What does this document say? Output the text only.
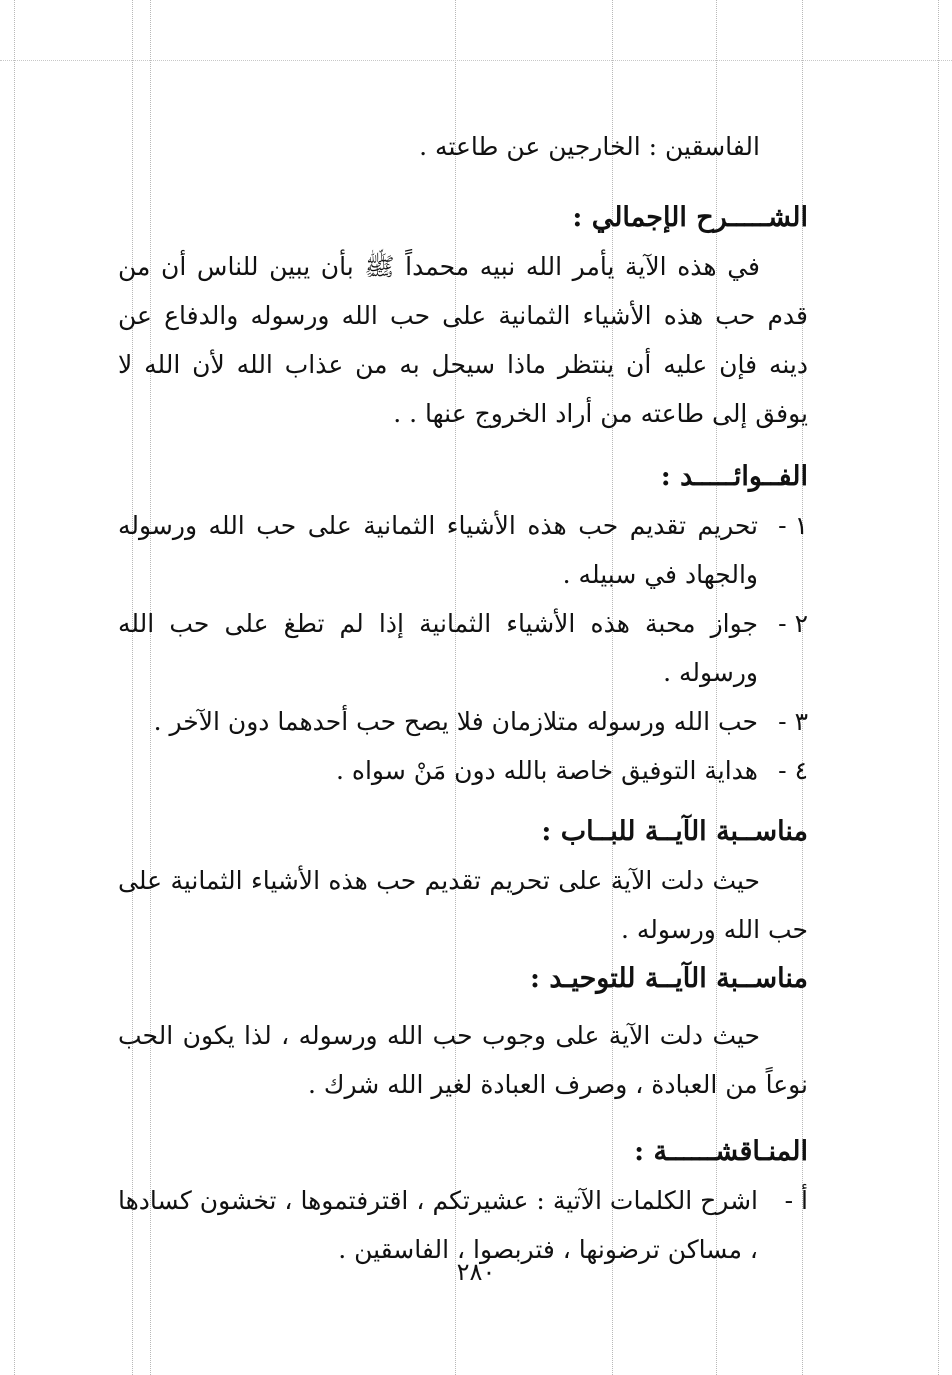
الفاسقين : الخارجين عن طاعته .
الشـــــرح الإجمالي :
في هذه الآية يأمر الله نبيه محمداً ﷺ بأن يبين للناس أن من قدم حب هذه الأشياء الثمانية على حب الله ورسوله والدفاع عن دينه فإن عليه أن ينتظر ماذا سيحل به من عذاب الله لأن الله لا يوفق إلى طاعته من أراد الخروج عنها . .
الفــوائـــــد :
١ -
تحريم تقديم حب هذه الأشياء الثمانية على حب الله ورسوله والجهاد في سبيله .
٢ -
جواز محبة هذه الأشياء الثمانية إذا لم تطغ على حب الله ورسوله .
٣ -
حب الله ورسوله متلازمان فلا يصح حب أحدهما دون الآخر .
٤ -
هداية التوفيق خاصة بالله دون مَنْ سواه .
مناســبة الآيــة للبــاب :
حيث دلت الآية على تحريم تقديم حب هذه الأشياء الثمانية على حب الله ورسوله .
مناســبة الآيــة للتوحيـد :
حيث دلت الآية على وجوب حب الله ورسوله ، لذا يكون الحب نوعاً من العبادة ، وصرف العبادة لغير الله شرك .
المنـاقشــــــة :
أ -
اشرح الكلمات الآتية : عشيرتكم ، اقترفتموها ، تخشون كسادها ، مساكن ترضونها ، فتربصوا ، الفاسقين .
٢٨٠
